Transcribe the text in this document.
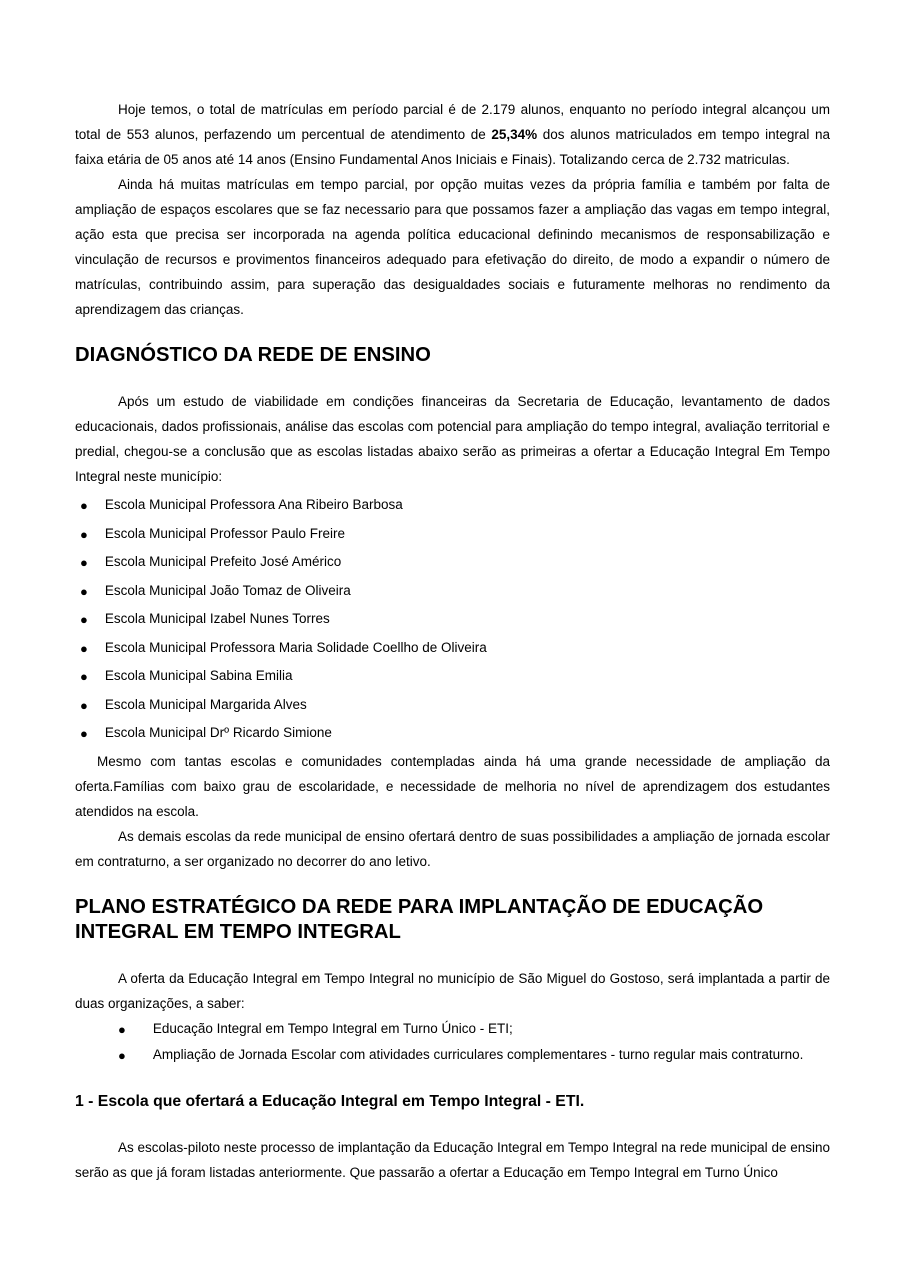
Hoje temos, o total de matrículas em período parcial é de 2.179 alunos, enquanto no período integral alcançou um total de 553 alunos, perfazendo um percentual de atendimento de 25,34% dos alunos matriculados em tempo integral na faixa etária de 05 anos até 14 anos (Ensino Fundamental Anos Iniciais e Finais). Totalizando cerca de 2.732 matriculas.

Ainda há muitas matrículas em tempo parcial, por opção muitas vezes da própria família e também por falta de ampliação de espaços escolares que se faz necessario para que possamos fazer a ampliação das vagas em tempo integral, ação esta que precisa ser incorporada na agenda política educacional definindo mecanismos de responsabilização e vinculação de recursos e provimentos financeiros adequado para efetivação do direito, de modo a expandir o número de matrículas, contribuindo assim, para superação das desigualdades sociais e futuramente melhoras no rendimento da aprendizagem das crianças.

DIAGNÓSTICO DA REDE DE ENSINO

Após um estudo de viabilidade em condições financeiras da Secretaria de Educação, levantamento de dados educacionais, dados profissionais, análise das escolas com potencial para ampliação do tempo integral, avaliação territorial e predial, chegou-se a conclusão que as escolas listadas abaixo serão as primeiras a ofertar a Educação Integral Em Tempo Integral neste município:

● Escola Municipal Professora Ana Ribeiro Barbosa
● Escola Municipal Professor Paulo Freire
● Escola Municipal Prefeito José Américo
● Escola Municipal João Tomaz de Oliveira
● Escola Municipal Izabel Nunes Torres
● Escola Municipal Professora Maria Solidade Coellho de Oliveira
● Escola Municipal Sabina Emilia
● Escola Municipal Margarida Alves
● Escola Municipal Drº Ricardo Simione

Mesmo com tantas escolas e comunidades contempladas ainda há uma grande necessidade de ampliação da oferta.Famílias com baixo grau de escolaridade, e necessidade de melhoria no nível de aprendizagem dos estudantes atendidos na escola.

As demais escolas da rede municipal de ensino ofertará dentro de suas possibilidades a ampliação de jornada escolar em contraturno, a ser organizado no decorrer do ano letivo.

PLANO ESTRATÉGICO DA REDE PARA IMPLANTAÇÃO DE EDUCAÇÃO INTEGRAL EM TEMPO INTEGRAL

A oferta da Educação Integral em Tempo Integral no município de São Miguel do Gostoso, será implantada a partir de duas organizações, a saber:

● Educação Integral em Tempo Integral em Turno Único - ETI;

● Ampliação de Jornada Escolar com atividades curriculares complementares - turno regular mais contraturno.

1 - Escola que ofertará a Educação Integral em Tempo Integral - ETI.

As escolas-piloto neste processo de implantação da Educação Integral em Tempo Integral na rede municipal de ensino serão as que já foram listadas anteriormente. Que passarão a ofertar a Educação em Tempo Integral em Turno Único
